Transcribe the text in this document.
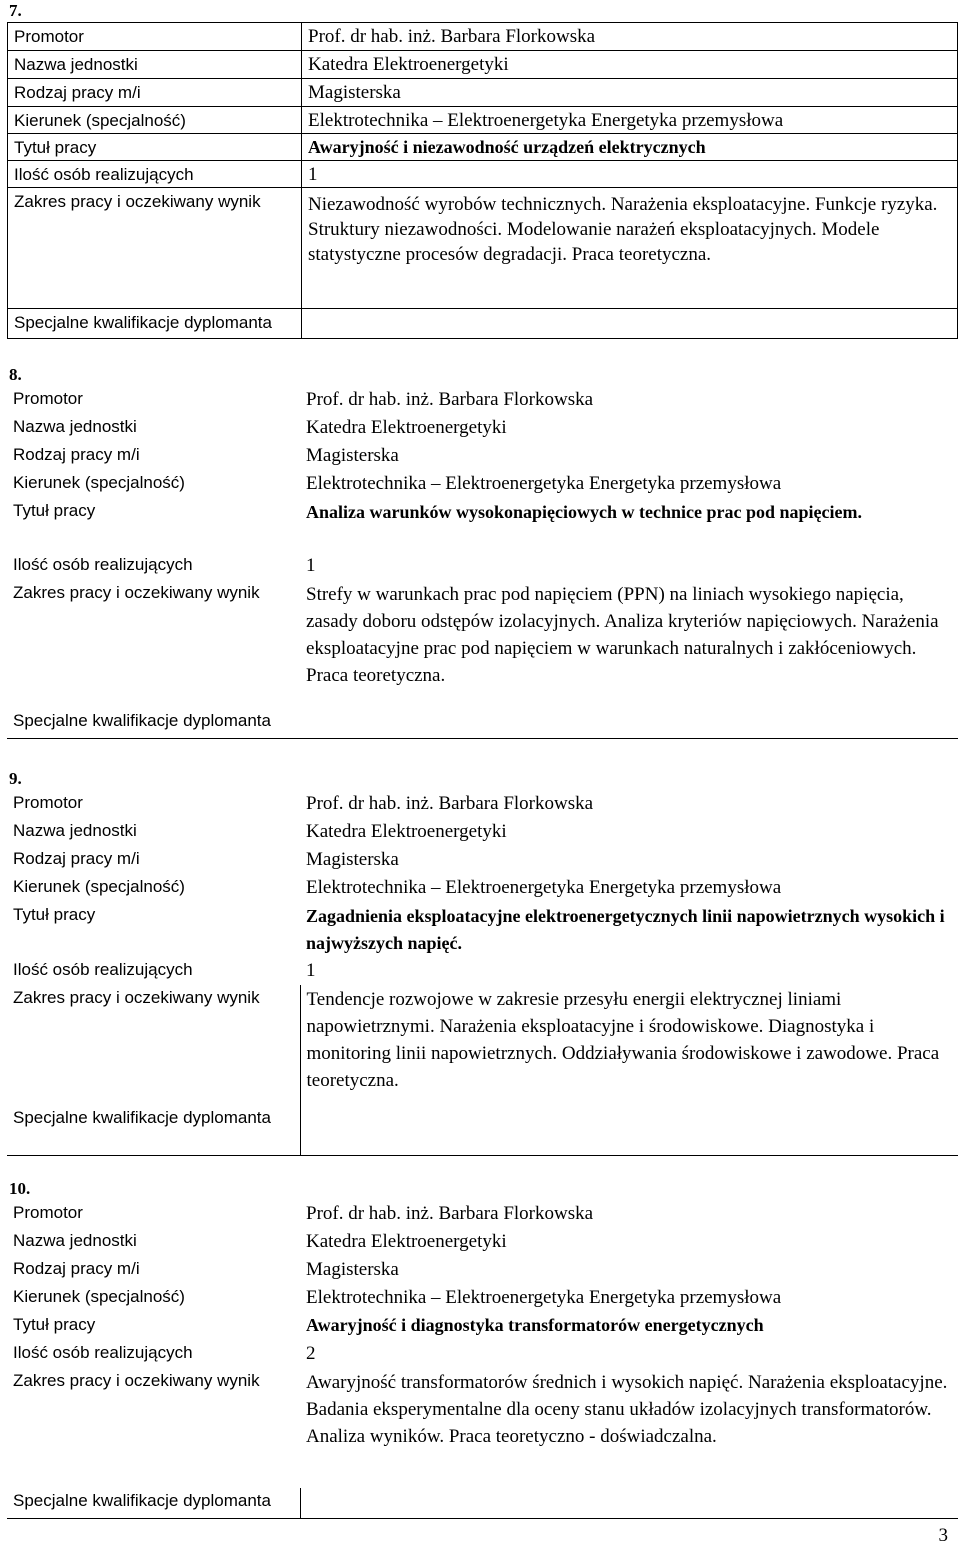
7.
Promotor	Prof. dr hab. inż. Barbara Florkowska
Nazwa jednostki	Katedra Elektroenergetyki
Rodzaj pracy m/i	Magisterska
Kierunek (specjalność)	Elektrotechnika – Elektroenergetyka Energetyka przemysłowa
Tytuł pracy	Awaryjność i niezawodność urządzeń elektrycznych
Ilość osób realizujących	1
Zakres pracy i oczekiwany wynik	Niezawodność wyrobów technicznych. Narażenia eksploatacyjne. Funkcje ryzyka. Struktury niezawodności. Modelowanie narażeń eksploatacyjnych. Modele statystyczne procesów degradacji. Praca teoretyczna.
Specjalne kwalifikacje dyplomanta	
8.
Promotor	Prof. dr hab. inż. Barbara Florkowska
Nazwa jednostki	Katedra Elektroenergetyki
Rodzaj pracy m/i	Magisterska
Kierunek (specjalność)	Elektrotechnika – Elektroenergetyka Energetyka przemysłowa
Tytuł pracy	Analiza warunków wysokonapięciowych w technice prac pod napięciem.
Ilość osób realizujących	1
Zakres pracy i oczekiwany wynik	Strefy w warunkach prac pod napięciem (PPN) na liniach wysokiego napięcia, zasady doboru odstępów izolacyjnych. Analiza kryteriów napięciowych. Narażenia eksploatacyjne prac pod napięciem w warunkach naturalnych i zakłóceniowych. Praca teoretyczna.
Specjalne kwalifikacje dyplomanta	
9.
Promotor	Prof. dr hab. inż. Barbara Florkowska
Nazwa jednostki	Katedra Elektroenergetyki
Rodzaj pracy m/i	Magisterska
Kierunek (specjalność)	Elektrotechnika – Elektroenergetyka Energetyka przemysłowa
Tytuł pracy	Zagadnienia eksploatacyjne elektroenergetycznych linii napowietrznych wysokich i najwyższych napięć.
Ilość osób realizujących	1
Zakres pracy i oczekiwany wynik	Tendencje rozwojowe w zakresie przesyłu energii elektrycznej liniami napowietrznymi. Narażenia eksploatacyjne i środowiskowe. Diagnostyka i monitoring linii napowietrznych. Oddziaływania środowiskowe i zawodowe. Praca teoretyczna.
Specjalne kwalifikacje dyplomanta	
10.
Promotor	Prof. dr hab. inż. Barbara Florkowska
Nazwa jednostki	Katedra Elektroenergetyki
Rodzaj pracy m/i	Magisterska
Kierunek (specjalność)	Elektrotechnika – Elektroenergetyka Energetyka przemysłowa
Tytuł pracy	Awaryjność i diagnostyka transformatorów energetycznych
Ilość osób realizujących	2
Zakres pracy i oczekiwany wynik	Awaryjność transformatorów średnich i wysokich napięć. Narażenia eksploatacyjne. Badania eksperymentalne dla oceny stanu układów izolacyjnych transformatorów. Analiza wyników. Praca teoretyczno - doświadczalna.
Specjalne kwalifikacje dyplomanta	
3
